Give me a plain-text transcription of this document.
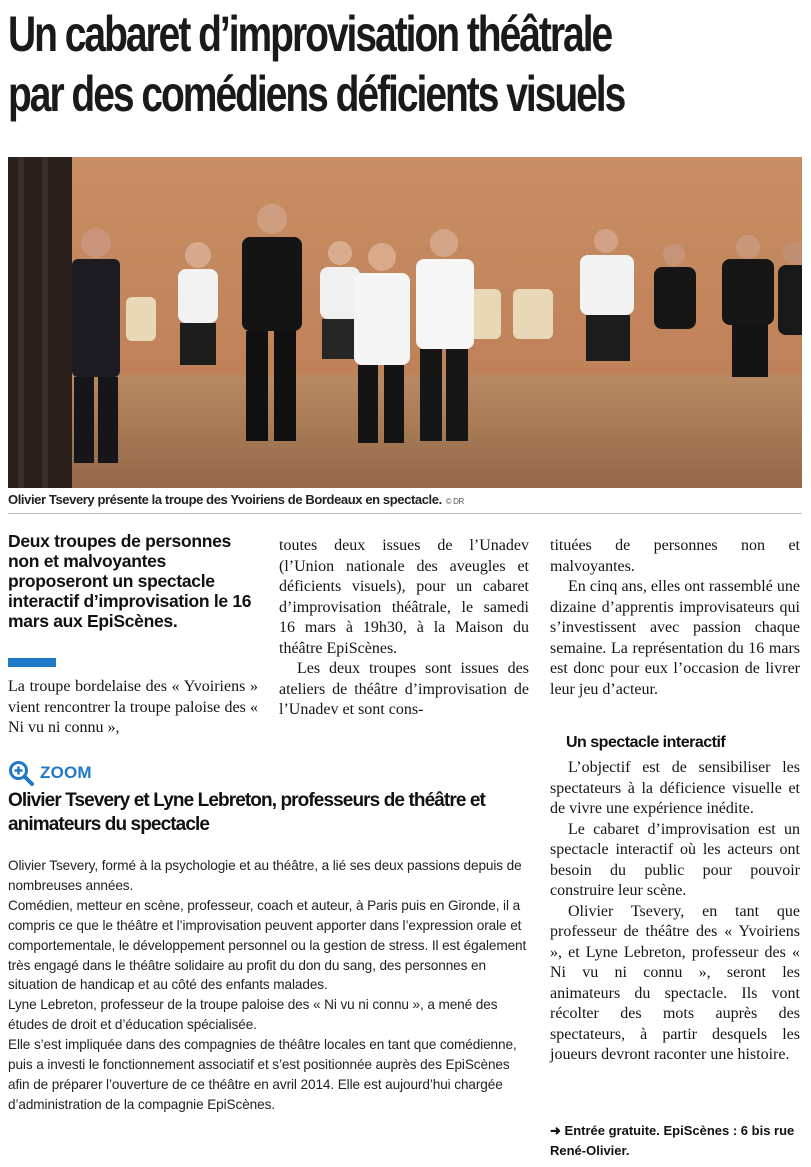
Un cabaret d’improvisation théâtrale
par des comédiens déficients visuels
Olivier Tsevery présente la troupe des Yvoiriens de Bordeaux en spectacle. © DR
Deux troupes de personnes non et malvoyantes proposeront un spectacle interactif d’improvisation le 16 mars aux EpiScènes.

La troupe bordelaise des « Yvoiriens » vient rencontrer la troupe paloise des « Ni vu ni connu »,

toutes deux issues de l’Unadev (l’Union nationale des aveugles et déficients visuels), pour un cabaret d’improvisation théâtrale, le samedi 16 mars à 19h30, à la Maison du théâtre EpiScènes.

Les deux troupes sont issues des ateliers de théâtre d’improvisation de l’Unadev et sont cons-

tituées de personnes non et malvoyantes.

En cinq ans, elles ont rassemblé une dizaine d’apprentis improvisateurs qui s’investissent avec passion chaque semaine. La représentation du 16 mars est donc pour eux l’occasion de livrer leur jeu d’acteur.

Un spectacle interactif

L’objectif est de sensibiliser les spectateurs à la déficience visuelle et de vivre une expérience inédite.

Le cabaret d’improvisation est un spectacle interactif où les acteurs ont besoin du public pour pouvoir construire leur scène.

Olivier Tsevery, en tant que professeur de théâtre des « Yvoiriens », et Lyne Lebreton, professeur des « Ni vu ni connu », seront les animateurs du spectacle. Ils vont récolter des mots auprès des spectateurs, à partir desquels les joueurs devront raconter une histoire.

➜ Entrée gratuite. EpiScènes : 6 bis rue René-Olivier.
ZOOM
Olivier Tsevery et Lyne Lebreton, professeurs de théâtre et animateurs du spectacle

Olivier Tsevery, formé à la psychologie et au théâtre, a lié ses deux passions depuis de nombreuses années.

Comédien, metteur en scène, professeur, coach et auteur, à Paris puis en Gironde, il a compris ce que le théâtre et l’improvisation peuvent apporter dans l’expression orale et comportementale, le développement personnel ou la gestion de stress. Il est également très engagé dans le théâtre solidaire au profit du don du sang, des personnes en situation de handicap et au côté des enfants malades.

Lyne Lebreton, professeur de la troupe paloise des « Ni vu ni connu », a mené des études de droit et d’éducation spécialisée.

Elle s’est impliquée dans des compagnies de théâtre locales en tant que comédienne, puis a investi le fonctionnement associatif et s’est positionnée auprès des EpiScènes afin de préparer l’ouverture de ce théâtre en avril 2014. Elle est aujourd’hui chargée d’administration de la compagnie EpiScènes.
